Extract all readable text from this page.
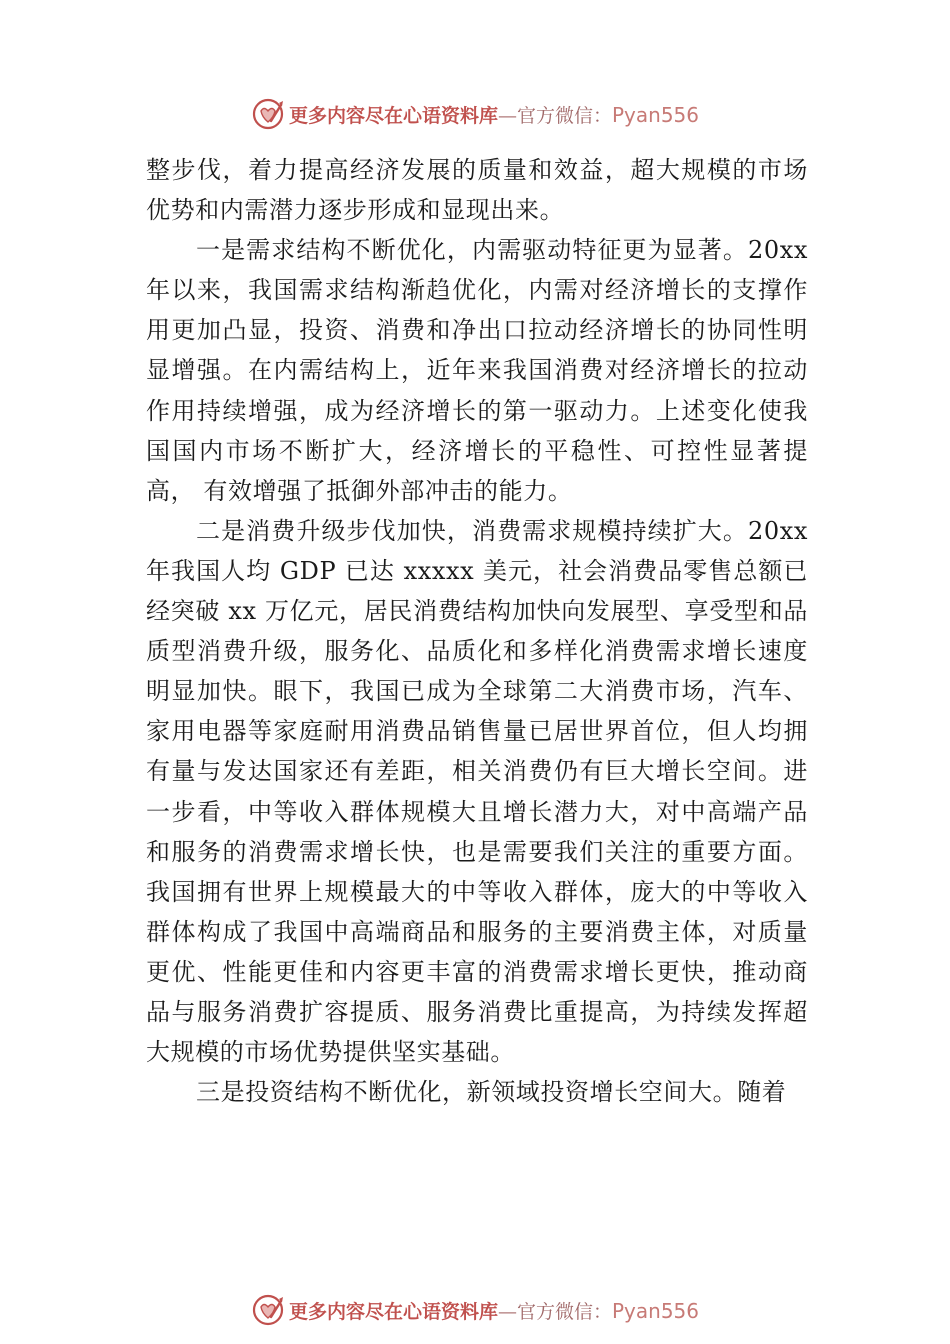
更多内容尽在心语资料库—官方微信：Pyan556

整步伐，着力提高经济发展的质量和效益，超大规模的市场优势和内需潜力逐步形成和显现出来。

一是需求结构不断优化，内需驱动特征更为显著。20xx年以来，我国需求结构渐趋优化，内需对经济增长的支撑作用更加凸显，投资、消费和净出口拉动经济增长的协同性明显增强。在内需结构上，近年来我国消费对经济增长的拉动作用持续增强，成为经济增长的第一驱动力。上述变化使我国国内市场不断扩大，经济增长的平稳性、可控性显著提高， 有效增强了抵御外部冲击的能力。

二是消费升级步伐加快，消费需求规模持续扩大。20xx年我国人均 GDP 已达 xxxxx 美元，社会消费品零售总额已经突破 xx 万亿元，居民消费结构加快向发展型、享受型和品质型消费升级，服务化、品质化和多样化消费需求增长速度明显加快。眼下，我国已成为全球第二大消费市场，汽车、家用电器等家庭耐用消费品销售量已居世界首位，但人均拥有量与发达国家还有差距，相关消费仍有巨大增长空间。进一步看，中等收入群体规模大且增长潜力大，对中高端产品和服务的消费需求增长快，也是需要我们关注的重要方面。我国拥有世界上规模最大的中等收入群体，庞大的中等收入群体构成了我国中高端商品和服务的主要消费主体，对质量更优、性能更佳和内容更丰富的消费需求增长更快，推动商品与服务消费扩容提质、服务消费比重提高，为持续发挥超大规模的市场优势提供坚实基础。

三是投资结构不断优化，新领域投资增长空间大。随着

更多内容尽在心语资料库—官方微信：Pyan556
